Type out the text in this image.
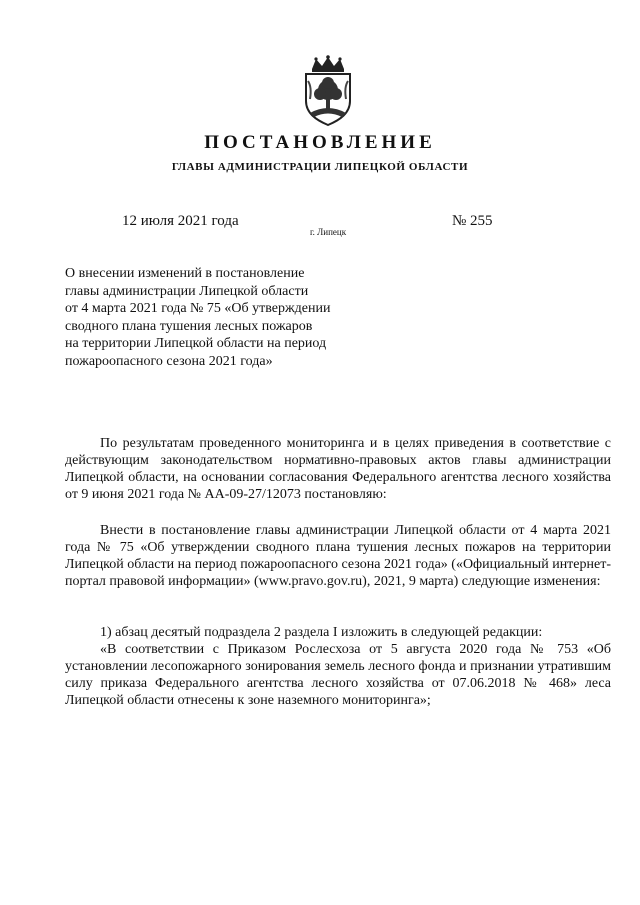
ПОСТАНОВЛЕНИЕ
ГЛАВЫ АДМИНИСТРАЦИИ ЛИПЕЦКОЙ ОБЛАСТИ
12 июля 2021 года
г. Липецк
№ 255
О внесении изменений в постановление
главы администрации Липецкой области
от 4 марта 2021 года № 75 «Об утверждении
сводного плана тушения лесных пожаров
на территории Липецкой области на период
пожароопасного сезона 2021 года»

По результатам проведенного мониторинга и в целях приведения в соответствие с действующим законодательством нормативно-правовых актов главы администрации Липецкой области, на основании согласования Федерального агентства лесного хозяйства от 9 июня 2021 года № АА-09-27/12073 постановляю:

Внести в постановление главы администрации Липецкой области от 4 марта 2021 года № 75 «Об утверждении сводного плана тушения лесных пожаров на территории Липецкой области на период пожароопасного сезона 2021 года» («Официальный интернет-портал правовой информации» (www.pravo.gov.ru), 2021, 9 марта) следующие изменения:

1) абзац десятый подраздела 2 раздела I изложить в следующей редакции:

«В соответствии с Приказом Рослесхоза от 5 августа 2020 года № 753 «Об установлении лесопожарного зонирования земель лесного фонда и признании утратившим силу приказа Федерального агентства лесного хозяйства от 07.06.2018 № 468» леса Липецкой области отнесены к зоне наземного мониторинга»;
